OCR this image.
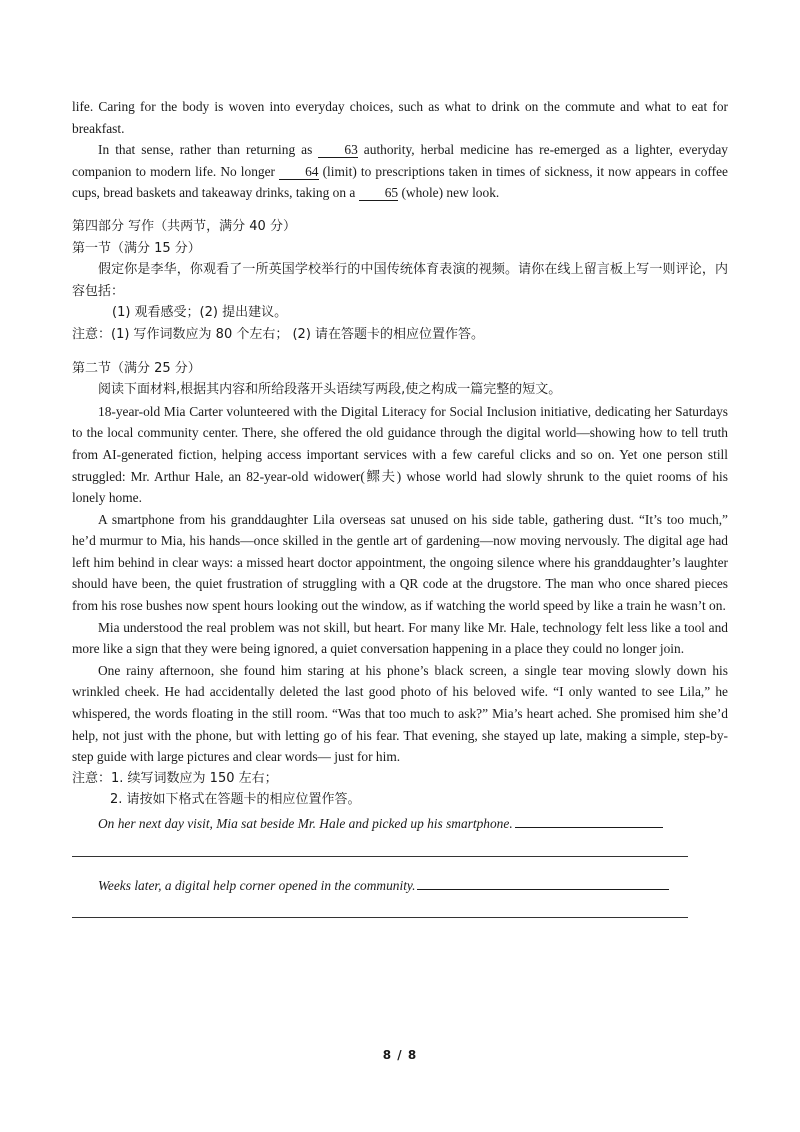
life. Caring for the body is woven into everyday choices, such as what to drink on the commute and what to eat for breakfast.

In that sense, rather than returning as 63 authority, herbal medicine has re-emerged as a lighter, everyday companion to modern life. No longer 64 (limit) to prescriptions taken in times of sickness, it now appears in coffee cups, bread baskets and takeaway drinks, taking on a 65 (whole) new look.

第四部分 写作（共两节，满分 40 分）

第一节（满分 15 分）

假定你是李华，你观看了一所英国学校举行的中国传统体育表演的视频。请你在线上留言板上写一则评论，内容包括：

(1) 观看感受；(2) 提出建议。

注意：(1) 写作词数应为 80 个左右； (2) 请在答题卡的相应位置作答。

第二节（满分 25 分）

阅读下面材料,根据其内容和所给段落开头语续写两段,使之构成一篇完整的短文。

18-year-old Mia Carter volunteered with the Digital Literacy for Social Inclusion initiative, dedicating her Saturdays to the local community center. There, she offered the old guidance through the digital world—showing how to tell truth from AI-generated fiction, helping access important services with a few careful clicks and so on. Yet one person still struggled: Mr. Arthur Hale, an 82-year-old widower(鳏夫) whose world had slowly shrunk to the quiet rooms of his lonely home.

A smartphone from his granddaughter Lila overseas sat unused on his side table, gathering dust. “It’s too much,” he’d murmur to Mia, his hands—once skilled in the gentle art of gardening—now moving nervously. The digital age had left him behind in clear ways: a missed heart doctor appointment, the ongoing silence where his granddaughter’s laughter should have been, the quiet frustration of struggling with a QR code at the drugstore. The man who once shared pieces from his rose bushes now spent hours looking out the window, as if watching the world speed by like a train he wasn’t on.

Mia understood the real problem was not skill, but heart. For many like Mr. Hale, technology felt less like a tool and more like a sign that they were being ignored, a quiet conversation happening in a place they could no longer join.

One rainy afternoon, she found him staring at his phone’s black screen, a single tear moving slowly down his wrinkled cheek. He had accidentally deleted the last good photo of his beloved wife. “I only wanted to see Lila,” he whispered, the words floating in the still room. “Was that too much to ask?” Mia’s heart ached. She promised him she’d help, not just with the phone, but with letting go of his fear. That evening, she stayed up late, making a simple, step-by-step guide with large pictures and clear words— just for him.

注意：1. 续写词数应为 150 左右；

2. 请按如下格式在答题卡的相应位置作答。

On her next day visit, Mia sat beside Mr. Hale and picked up his smartphone.

Weeks later, a digital help corner opened in the community.

8 / 8
